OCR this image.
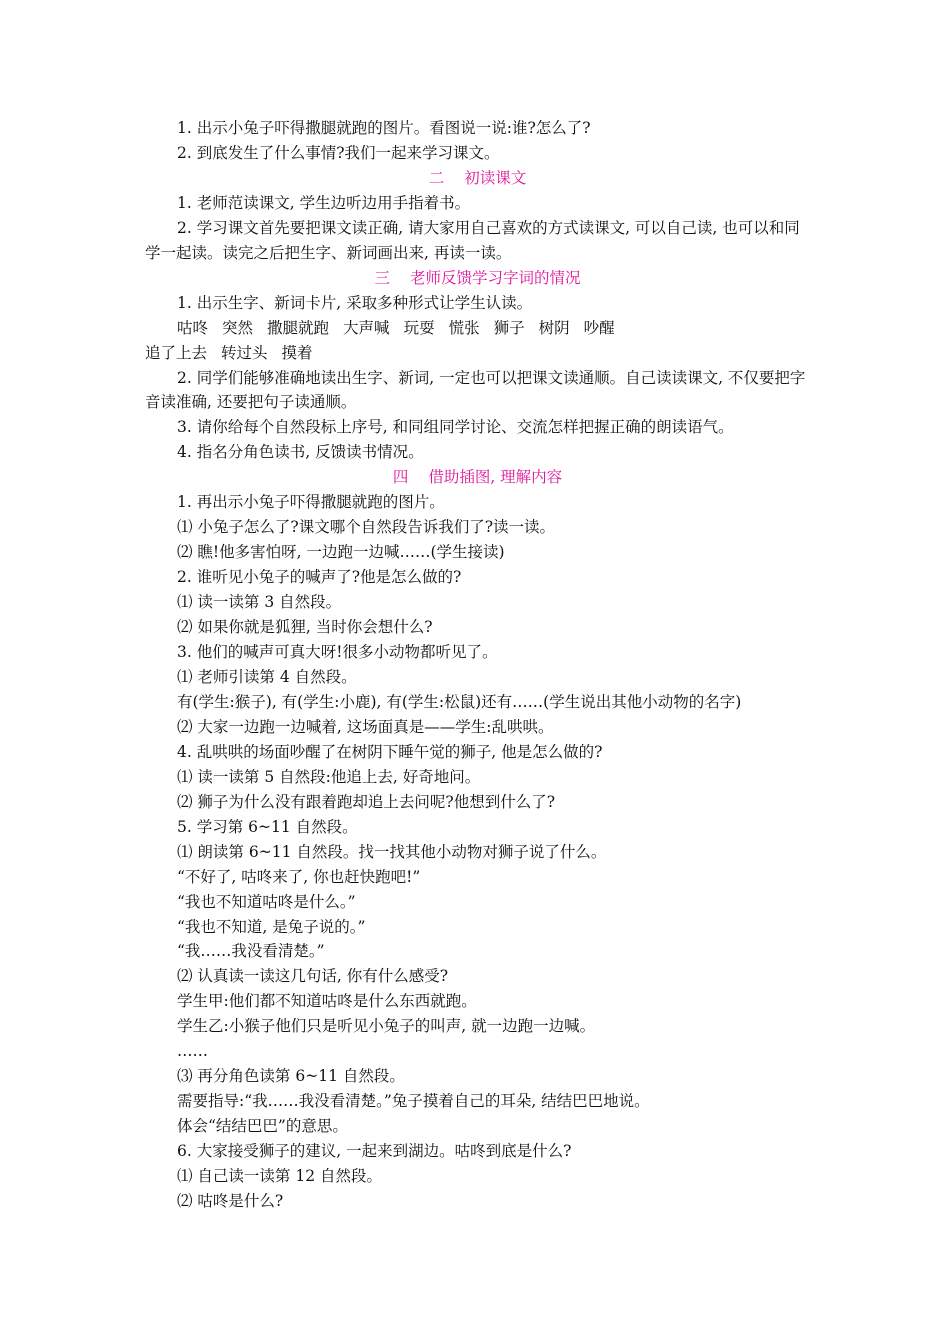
1. 出示小兔子吓得撒腿就跑的图片。看图说一说:谁?怎么了?

2. 到底发生了什么事情?我们一起来学习课文。

二 初读课文

1. 老师范读课文, 学生边听边用手指着书。

2. 学习课文首先要把课文读正确, 请大家用自己喜欢的方式读课文, 可以自己读, 也可以和同学一起读。读完之后把生字、新词画出来, 再读一读。

三 老师反馈学习字词的情况

1. 出示生字、新词卡片, 采取多种形式让学生认读。

咕咚 突然 撒腿就跑 大声喊 玩耍 慌张 狮子 树阴 吵醒

追了上去 转过头 摸着

2. 同学们能够准确地读出生字、新词, 一定也可以把课文读通顺。自己读读课文, 不仅要把字音读准确, 还要把句子读通顺。

3. 请你给每个自然段标上序号, 和同组同学讨论、交流怎样把握正确的朗读语气。

4. 指名分角色读书, 反馈读书情况。

四 借助插图, 理解内容

1. 再出示小兔子吓得撒腿就跑的图片。

⑴ 小兔子怎么了?课文哪个自然段告诉我们了?读一读。

⑵ 瞧!他多害怕呀, 一边跑一边喊……(学生接读)

2. 谁听见小兔子的喊声了?他是怎么做的?

⑴ 读一读第 3 自然段。

⑵ 如果你就是狐狸, 当时你会想什么?

3. 他们的喊声可真大呀!很多小动物都听见了。

⑴ 老师引读第 4 自然段。

有(学生:猴子), 有(学生:小鹿), 有(学生:松鼠)还有……(学生说出其他小动物的名字)

⑵ 大家一边跑一边喊着, 这场面真是——学生:乱哄哄。

4. 乱哄哄的场面吵醒了在树阴下睡午觉的狮子, 他是怎么做的?

⑴ 读一读第 5 自然段:他追上去, 好奇地问。

⑵ 狮子为什么没有跟着跑却追上去问呢?他想到什么了?

5. 学习第 6~11 自然段。

⑴ 朗读第 6~11 自然段。找一找其他小动物对狮子说了什么。

“不好了, 咕咚来了, 你也赶快跑吧!”

“我也不知道咕咚是什么。”

“我也不知道, 是兔子说的。”

“我……我没看清楚。”

⑵ 认真读一读这几句话, 你有什么感受?

学生甲:他们都不知道咕咚是什么东西就跑。

学生乙:小猴子他们只是听见小兔子的叫声, 就一边跑一边喊。

……

⑶ 再分角色读第 6~11 自然段。

需要指导:“我……我没看清楚。”兔子摸着自己的耳朵, 结结巴巴地说。

体会“结结巴巴”的意思。

6. 大家接受狮子的建议, 一起来到湖边。咕咚到底是什么?

⑴ 自己读一读第 12 自然段。

⑵ 咕咚是什么?
